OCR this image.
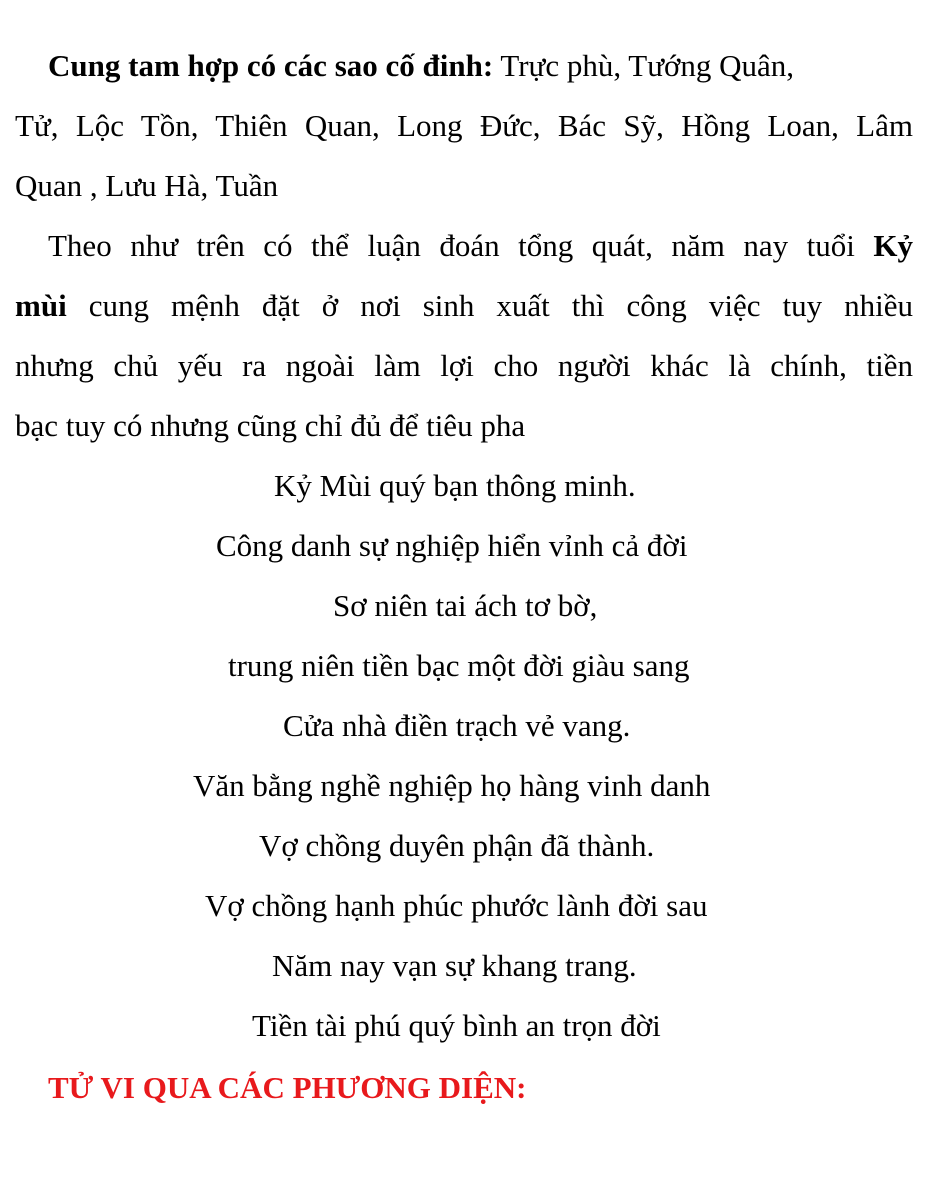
Cung tam hợp có các sao cố đinh: Trực phù, Tướng Quân,
Tử, Lộc Tồn, Thiên Quan, Long Đức, Bác Sỹ, Hồng Loan, Lâm
Quan , Lưu Hà, Tuần
Theo như trên có thể luận đoán tổng quát, năm nay tuổi Kỷ
mùi cung mệnh đặt ở nơi sinh xuất thì công việc tuy nhiều
nhưng chủ yếu ra ngoài làm lợi cho người khác là chính, tiền
bạc tuy có nhưng cũng chỉ đủ để tiêu pha
Kỷ Mùi quý bạn thông minh.
Công danh sự nghiệp hiển vỉnh cả đời
Sơ niên tai ách tơ bờ,
trung niên tiền bạc một đời giàu sang
Cửa nhà điền trạch vẻ vang.
Văn bằng nghề nghiệp họ hàng vinh danh
Vợ chồng duyên phận đã thành.
Vợ chồng hạnh phúc phước lành đời sau
Năm nay vạn sự khang trang.
Tiền tài phú quý bình an trọn đời
TỬ VI QUA CÁC PHƯƠNG DIỆN:
